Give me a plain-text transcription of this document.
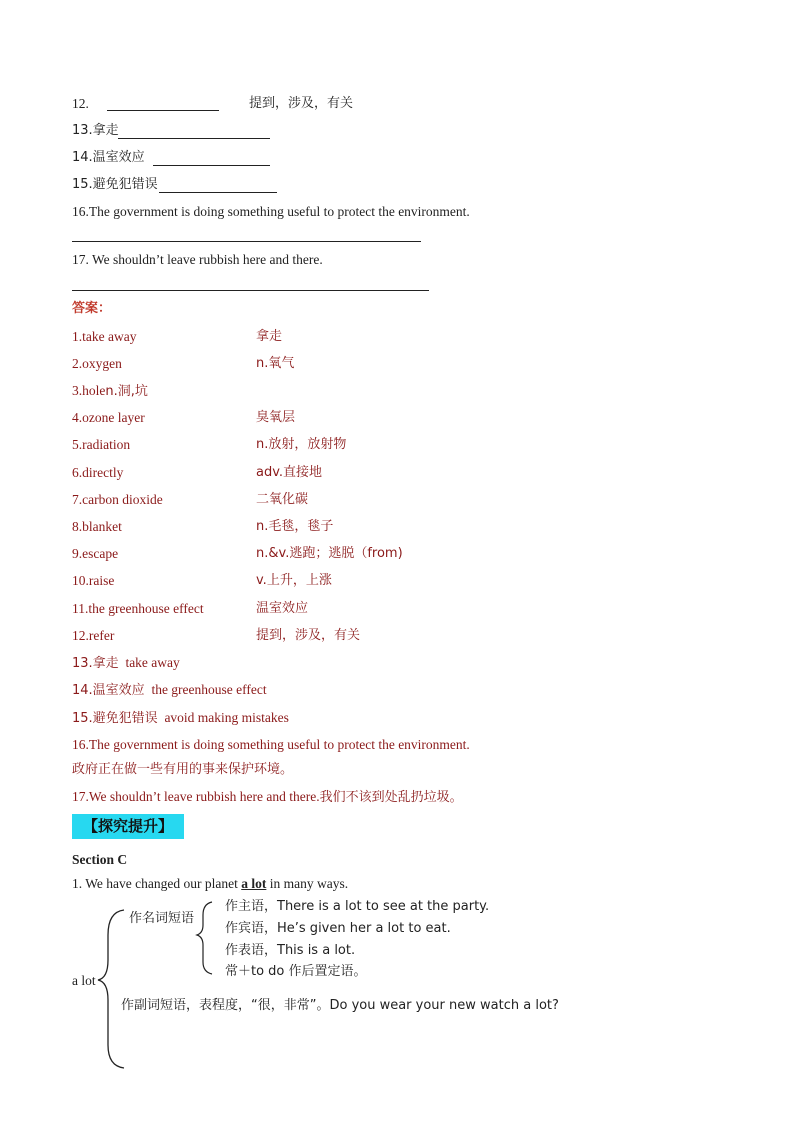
12.	提到，涉及，有关
13.拿走
14.温室效应
15.避免犯错误
16.The government is doing something useful to protect the environment.
17. We shouldn’t leave rubbish here and there.
答案：
1.take away	拿走
2.oxygen	n.氧气
3.holen.洞,坑
4.ozone layer	臭氧层
5.radiation	n.放射，放射物
6.directly	adv.直接地
7.carbon dioxide	二氧化碳
8.blanket	n.毛毯，毯子
9.escape	n.&v.逃跑；逃脱（from)
10.raise	v.上升，上涨
11.the greenhouse effect	温室效应
12.refer	提到，涉及，有关
13.拿走 take away
14.温室效应 the greenhouse effect
15.避免犯错误 avoid making mistakes
16.The government is doing something useful to protect the environment.
政府正在做一些有用的事来保护环境。
17.We shouldn’t leave rubbish here and there.我们不该到处乱扔垃圾。
【探究提升】
Section C
1. We have changed our planet a lot in many ways.
a lot
作名词短语
作主语，There is a lot to see at the party.
作宾语，He’s given her a lot to eat.
作表语，This is a lot.
常＋to do 作后置定语。
作副词短语，表程度，“很，非常”。Do you wear your new watch a lot?
